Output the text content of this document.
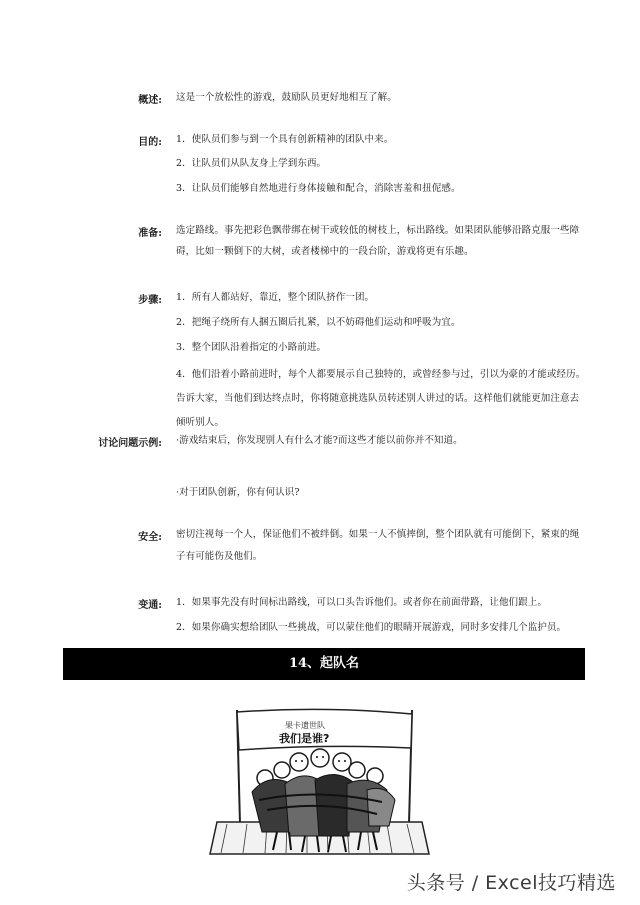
概述: 这是一个放松性的游戏，鼓励队员更好地相互了解。
目的: 1．使队员们参与到一个具有创新精神的团队中来。
2．让队员们从队友身上学到东西。
3．让队员们能够自然地进行身体接触和配合，消除害羞和扭伲感。
准备: 选定路线。事先把彩色飘带绑在树干或较低的树枝上，标出路线。如果团队能够沿路克服一些障碍，比如一颗倒下的大树，或者楼梯中的一段台阶，游戏将更有乐趣。
步骤: 1．所有人都站好，靠近，整个团队挤作一团。
2．把绳子绕所有人捆五圈后扎紧，以不妨碍他们运动和呼吸为宜。
3．整个团队沿着指定的小路前进。
4．他们沿着小路前进时，每个人都要展示自己独特的，或曾经参与过，引以为豪的才能或经历。告诉大家，当他们到达终点时，你将随意挑选队员转述别人讲过的话。这样他们就能更加注意去倾听别人。
讨论问题示例: ·游戏结束后，你发现别人有什么才能?而这些才能以前你并不知道。
·对于团队创新，你有何认识?
安全: 密切注视每一个人，保证他们不被绊倒。如果一人不慎摔倒，整个团队就有可能倒下，紧束的绳子有可能伤及他们。
变通: 1．如果事先没有时间标出路线，可以口头告诉他们。或者你在前面带路，让他们跟上。
2．如果你确实想给团队一些挑战，可以蒙住他们的眼睛开展游戏，同时多安排几个监护员。
14、起队名
果卡遗世队
我们是谁?
头条号 / Excel技巧精选
